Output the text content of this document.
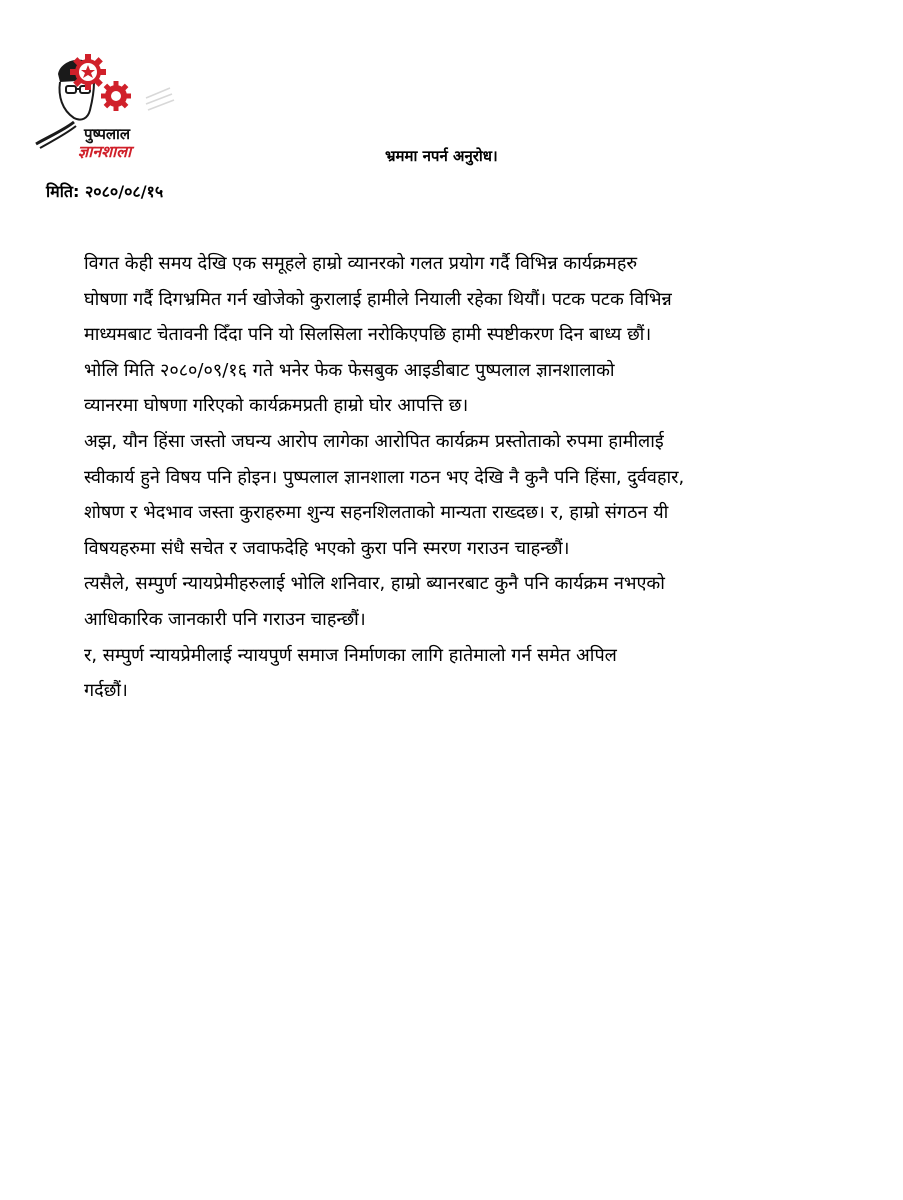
पुष्पलाल
ज्ञानशाला	भ्रममा नपर्न अनुरोध।
मिति: २०८०/०८/१५
विगत केही समय देखि एक समूहले हाम्रो व्यानरको गलत प्रयोग गर्दै विभिन्न कार्यक्रमहरु
घोषणा गर्दै दिगभ्रमित गर्न खोजेको कुरालाई हामीले नियाली रहेका थियौं। पटक पटक विभिन्न
माध्यमबाट चेतावनी दिँदा पनि यो सिलसिला नरोकिएपछि हामी स्पष्टीकरण दिन बाध्य छौं।
भोलि मिति २०८०/०९/१६ गते भनेर फेक फेसबुक आइडीबाट पुष्पलाल ज्ञानशालाको
व्यानरमा घोषणा गरिएको कार्यक्रमप्रती हाम्रो घोर आपत्ति छ।
अझ, यौन हिंसा जस्तो जघन्य आरोप लागेका आरोपित कार्यक्रम प्रस्तोताको रुपमा हामीलाई
स्वीकार्य हुने विषय पनि होइन। पुष्पलाल ज्ञानशाला गठन भए देखि नै कुनै पनि हिंसा, दुर्ववहार,
शोषण र भेदभाव जस्ता कुराहरुमा शुन्य सहनशिलताको मान्यता राख्दछ। र, हाम्रो संगठन यी
विषयहरुमा संधै सचेत र जवाफदेहि भएको कुरा पनि स्मरण गराउन चाहन्छौं।
त्यसैले, सम्पुर्ण न्यायप्रेमीहरुलाई भोलि शनिवार, हाम्रो ब्यानरबाट कुनै पनि कार्यक्रम नभएको
आधिकारिक जानकारी पनि गराउन चाहन्छौं।
र, सम्पुर्ण न्यायप्रेमीलाई न्यायपुर्ण समाज निर्माणका लागि हातेमालो गर्न समेत अपिल
गर्दछौं।
